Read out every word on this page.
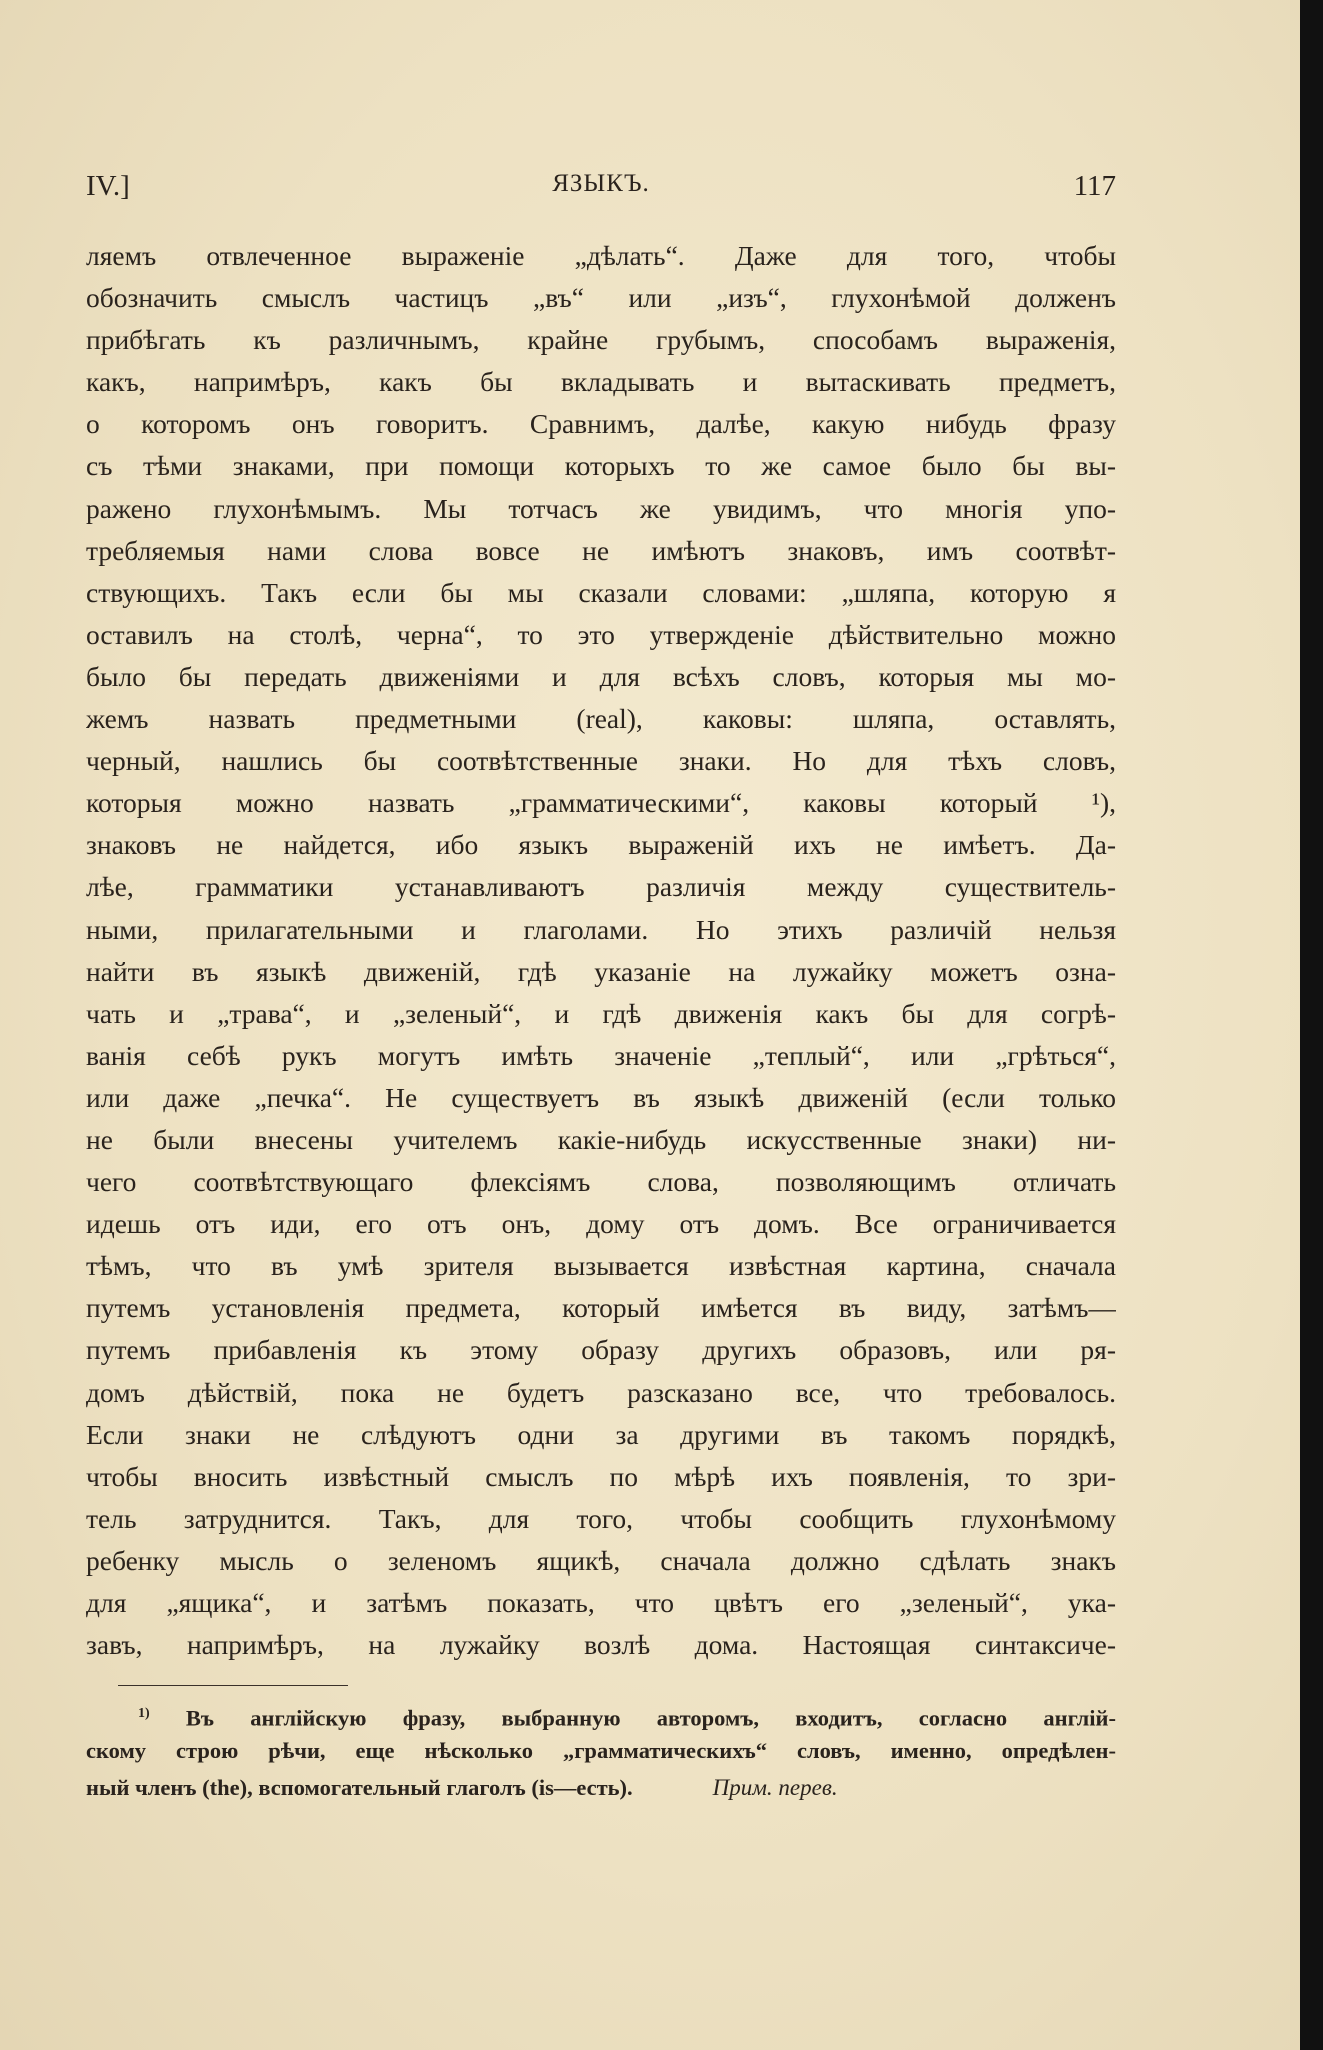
IV.]	ЯЗЫКЪ.	117
ляемъ отвлеченное выраженіе „дѣлать“. Даже для того, чтобы
обозначить смыслъ частицъ „въ“ или „изъ“, глухонѣмой долженъ
прибѣгать къ различнымъ, крайне грубымъ, способамъ выраженія,
какъ, напримѣръ, какъ бы вкладывать и вытаскивать предметъ,
о которомъ онъ говоритъ. Сравнимъ, далѣе, какую нибудь фразу
съ тѣми знаками, при помощи которыхъ то же самое было бы вы-
ражено глухонѣмымъ. Мы тотчасъ же увидимъ, что многія упо-
требляемыя нами слова вовсе не имѣютъ знаковъ, имъ соотвѣт-
ствующихъ. Такъ если бы мы сказали словами: „шляпа, которую я
оставилъ на столѣ, черна“, то это утвержденіе дѣйствительно можно
было бы передать движеніями и для всѣхъ словъ, которыя мы мо-
жемъ назвать предметными (real), каковы: шляпа, оставлять,
черный, нашлись бы соотвѣтственные знаки. Но для тѣхъ словъ,
которыя можно назвать „грамматическими“, каковы который ¹),
знаковъ не найдется, ибо языкъ выраженій ихъ не имѣетъ. Да-
лѣе, грамматики устанавливаютъ различія между существитель-
ными, прилагательными и глаголами. Но этихъ различій нельзя
найти въ языкѣ движеній, гдѣ указаніе на лужайку можетъ озна-
чать и „трава“, и „зеленый“, и гдѣ движенія какъ бы для согрѣ-
ванія себѣ рукъ могутъ имѣть значеніе „теплый“, или „грѣться“,
или даже „печка“. Не существуетъ въ языкѣ движеній (если только
не были внесены учителемъ какіе-нибудь искусственные знаки) ни-
чего соотвѣтствующаго флексіямъ слова, позволяющимъ отличать
идешь отъ иди, его отъ онъ, дому отъ домъ. Все ограничивается
тѣмъ, что въ умѣ зрителя вызывается извѣстная картина, сначала
путемъ установленія предмета, который имѣется въ виду, затѣмъ—
путемъ прибавленія къ этому образу другихъ образовъ, или ря-
домъ дѣйствій, пока не будетъ разсказано все, что требовалось.
Если знаки не слѣдуютъ одни за другими въ такомъ порядкѣ,
чтобы вносить извѣстный смыслъ по мѣрѣ ихъ появленія, то зри-
тель затруднится. Такъ, для того, чтобы сообщить глухонѣмому
ребенку мысль о зеленомъ ящикѣ, сначала должно сдѣлать знакъ
для „ящика“, и затѣмъ показать, что цвѣтъ его „зеленый“, ука-
завъ, напримѣръ, на лужайку возлѣ дома. Настоящая синтаксиче-
$^{1)}$ Въ англійскую фразу, выбранную авторомъ, входитъ, согласно англій-
скому строю рѣчи, еще нѣсколько „грамматическихъ“ словъ, именно, опредѣлен-
ный членъ (the), вспомогательный глаголъ (is—есть).	Прим. перев.
